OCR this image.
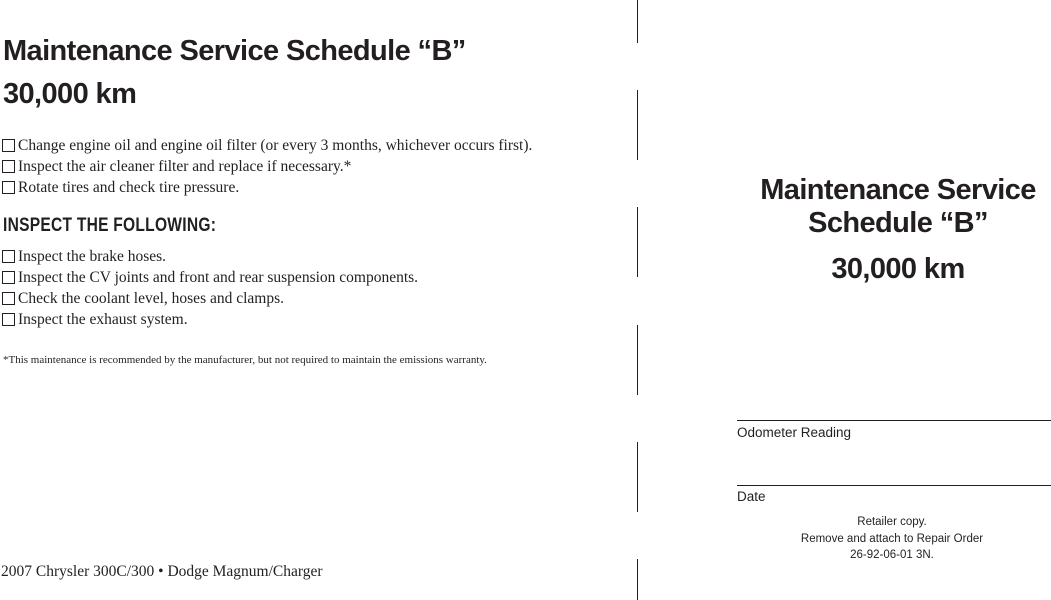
Maintenance Service Schedule “B”
30,000 km
Change engine oil and engine oil filter (or every 3 months, whichever occurs first).
Inspect the air cleaner filter and replace if necessary.*
Rotate tires and check tire pressure.
INSPECT THE FOLLOWING:
Inspect the brake hoses.
Inspect the CV joints and front and rear suspension components.
Check the coolant level, hoses and clamps.
Inspect the exhaust system.

*This maintenance is recommended by the manufacturer, but not required to maintain the emissions warranty.

2007 Chrysler 300C/300 • Dodge Magnum/Charger

Maintenance Service
Schedule “B”
30,000 km

Odometer Reading

Date

Retailer copy.
Remove and attach to Repair Order
26-92-06-01 3N.
